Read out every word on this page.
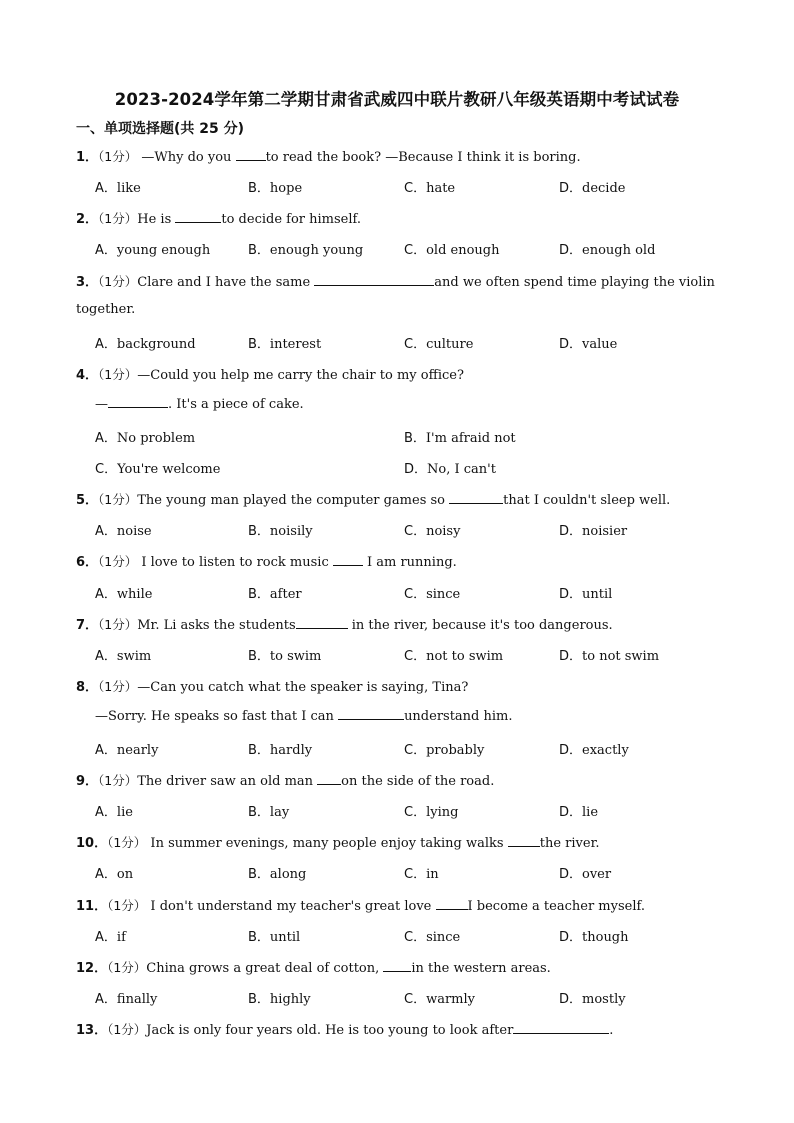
2023-2024学年第二学期甘肃省武威四中联片教研八年级英语期中考试试卷
一、单项选择题(共 25 分)
1．（1分） —Why do you to read the book? —Because I think it is boring.
A．like	B．hope	C．hate	D．decide
2．（1分）He is	to decide for himself.
A．young enough	B．enough young	C．old enough	D．enough old
3．（1分）Clare and I have the same	and we often spend time playing the violin
together.
A．background	B．interest	C．culture	D．value
4．（1分）—Could you help me carry the chair to my office?
—	. It's a piece of cake.
A．No problem	B．I'm afraid not
C．You're welcome	D．No, I can't
5．（1分）The young man played the computer games so	that I couldn't sleep well.
A．noise	B．noisily	C．noisy	D．noisier
6．（1分） I love to listen to rock music  I am running.
A．while	B．after	C．since	D．until
7．（1分）Mr. Li asks the students	in the river, because it's too dangerous.
A．swim	B．to swim	C．not to swim	D．to not swim
8．（1分）—Can you catch what the speaker is saying, Tina?
—Sorry. He speaks so fast that I can	understand him.
A．nearly	B．hardly	C．probably	D．exactly
9．（1分）The driver saw an old man on the side of the road.
A．lie	B．lay	C．lying	D．lie
10．（1分） In summer evenings, many people enjoy taking walks the river.
A．on	B．along	C．in	D．over
11．（1分） I don't understand my teacher's great love I become a teacher myself.
A．if	B．until	C．since	D．though
12．（1分）China grows a great deal of cotton, in the western areas.
A．finally	B．highly	C．warmly	D．mostly
13．（1分）Jack is only four years old. He is too young to look after	.
